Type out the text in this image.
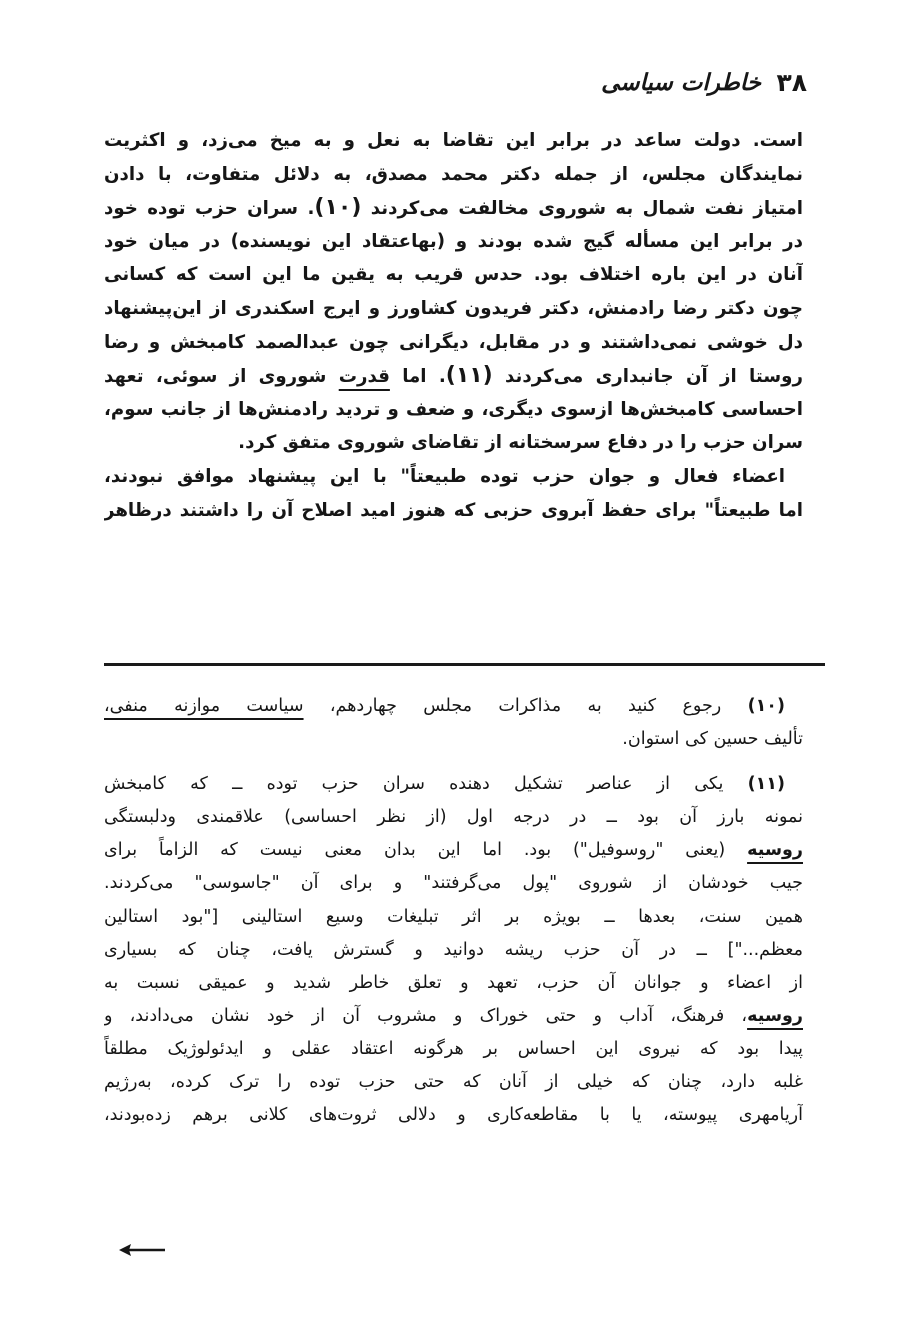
۳۸
خاطرات سیاسی
است. دولت ساعد در برابر این تقاضا به نعل و به میخ می‌زد، و اکثریت
نمایندگان مجلس، از جمله دکتر محمد مصدق، به دلائل متفاوت، با دادن
امتیاز نفت شمال به شوروی مخالفت می‌کردند (۱۰). سران حزب توده خود
در برابر این مسأله گیج شده بودند و (بهاعتقاد این نویسنده) در میان خود
آنان در این باره اختلاف بود. حدس قریب به یقین ما این است که کسانی
چون دکتر رضا رادمنش، دکتر فریدون کشاورز و ایرج اسکندری از این‌پیشنهاد
دل خوشی نمی‌داشتند و در مقابل، دیگرانی چون عبدالصمد کامبخش و رضا
روستا از آن جانبداری می‌کردند (۱۱). اما قدرت شوروی از سوئی، تعهد
احساسی کامبخش‌ها ازسوی دیگری، و ضعف و تردید رادمنش‌ها از جانب سوم،
سران حزب را در دفاع سرسختانه از تقاضای شوروی متفق کرد.
اعضاء فعال و جوان حزب توده طبیعتاً" با این پیشنهاد موافق نبودند،
اما طبیعتاً" برای حفظ آبروی حزبی که هنوز امید اصلاح آن را داشتند درظاهر
(۱۰) رجوع کنید به مذاکرات مجلس چهاردهم، سیاست موازنه منفی،
تألیف حسین کی استوان.
(۱۱) یکی از عناصر تشکیل دهنده سران حزب توده ــ که کامبخش
نمونه بارز آن بود ــ در درجه اول (از نظر احساسی) علاقمندی ودلبستگی
روسیه (یعنی "روسوفیل") بود. اما این بدان معنی نیست که الزاماً برای
جیب خودشان از شوروی "پول می‌گرفتند" و برای آن "جاسوسی" می‌کردند.
همین سنت، بعدها ــ بویژه بر اثر تبلیغات وسیع استالینی ["بود استالین
معظم..."] ــ در آن حزب ریشه دوانید و گسترش یافت، چنان که بسیاری
از اعضاء و جوانان آن حزب، تعهد و تعلق خاطر شدید و عمیقی نسبت به
روسیه، فرهنگ، آداب و حتی خوراک و مشروب آن از خود نشان می‌دادند، و
پیدا بود که نیروی این احساس بر هرگونه اعتقاد عقلی و ایدئولوژیک مطلقاً
غلبه دارد، چنان که خیلی از آنان که حتی حزب توده را ترک کرده، به‌رژیم
آریامهری پیوسته، یا با مقاطعه‌کاری و دلالی ثروت‌های کلانی برهم زده‌بودند،
